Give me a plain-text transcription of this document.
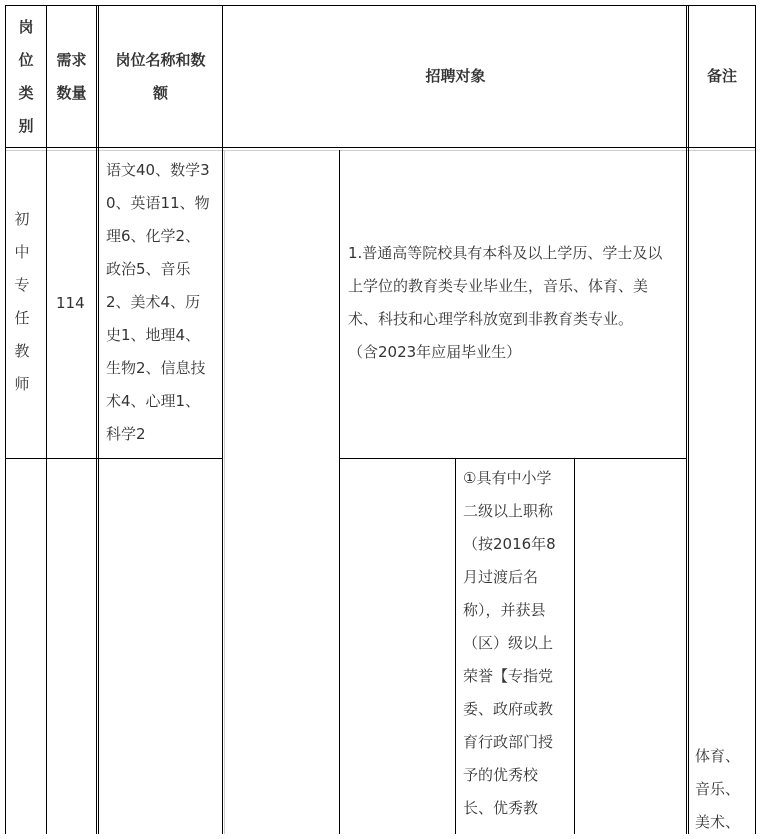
岗
位
类
别
需求
数量
岗位名称和数
额
招聘对象	备注
初
中
专
任
教
师
114
语文40、数学3
0、英语11、物
理6、化学2、
政治5、音乐
2、美术4、历
史1、地理4、
生物2、信息技
术4、心理1、
科学2
1.普通高等院校具有本科及以上学历、学士及以
上学位的教育类专业毕业生，音乐、体育、美
术、科技和心理学科放宽到非教育类专业。
（含2023年应届毕业生）
①具有中小学
二级以上职称
（按2016年8
月过渡后名
称），并获县
（区）级以上
荣誉【专指党
委、政府或教
育行政部门授
予的优秀校
长、优秀教
体育、
音乐、
美术、
